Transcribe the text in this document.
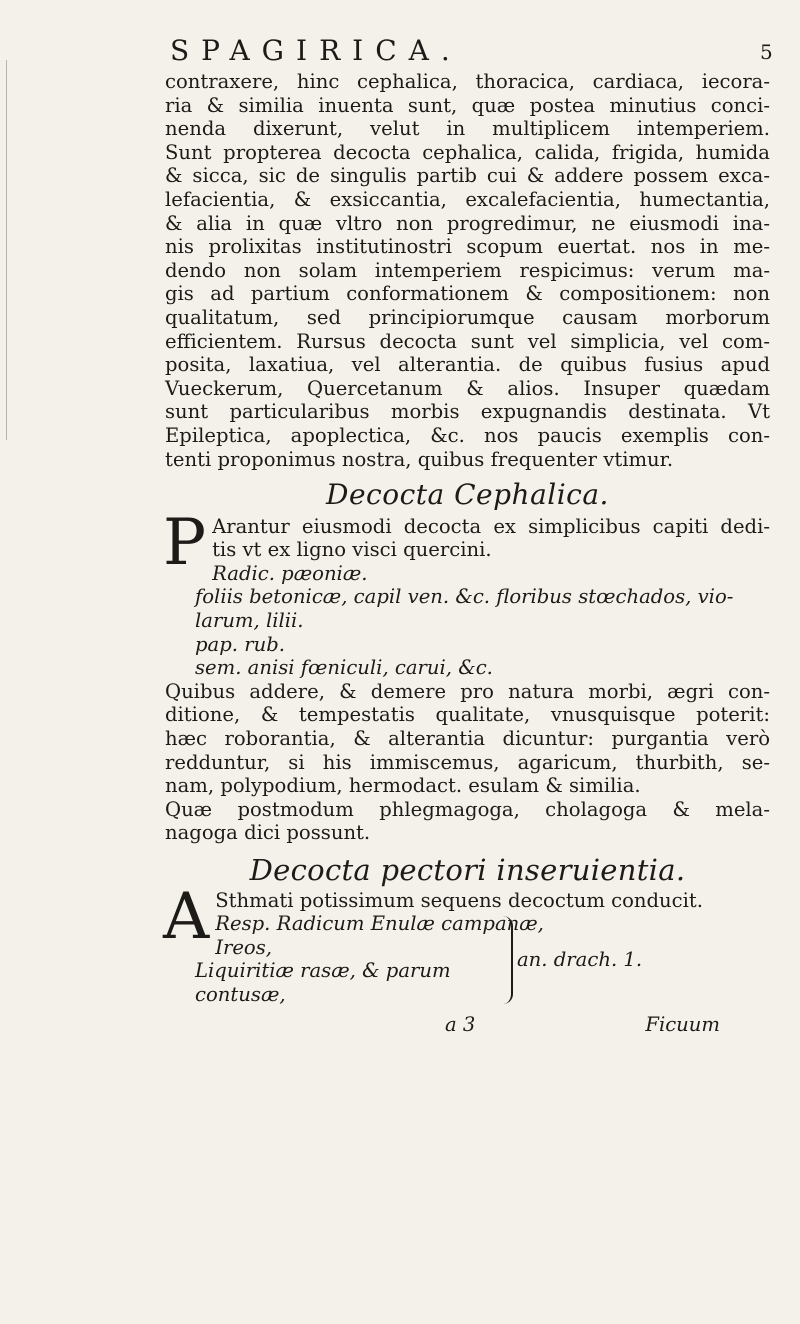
SPAGIRICA.	5
contraxere, hinc cephalica, thoracica, cardiaca, iecora-
ria & similia inuenta sunt, quæ postea minutius conci-
nenda dixerunt, velut in multiplicem intemperiem.
Sunt propterea decocta cephalica, calida, frigida, humida
& sicca, sic de singulis partib cui & addere possem exca-
lefacientia, & exsiccantia, excalefacientia, humectantia,
& alia in quæ vltro non progredimur, ne eiusmodi ina-
nis prolixitas institutinostri scopum euertat. nos in me-
dendo non solam intemperiem respicimus: verum ma-
gis ad partium conformationem & compositionem: non
qualitatum, sed principiorumque causam morborum
efficientem. Rursus decocta sunt vel simplicia, vel com-
posita, laxatiua, vel alterantia. de quibus fusius apud
Vueckerum, Quercetanum & alios. Insuper quædam
sunt particularibus morbis expugnandis destinata. Vt
Epileptica, apoplectica, &c. nos paucis exemplis con-
tenti proponimus nostra, quibus frequenter vtimur.
Decocta Cephalica.
P Arantur eiusmodi decocta ex simplicibus capiti dedi-
tis vt ex ligno visci quercini.
Radic. pæoniæ.
foliis betonicæ, capil ven. &c. floribus stœchados, vio-
larum, lilii.
pap. rub.
sem. anisi fœniculi, carui, &c.
Quibus addere, & demere pro natura morbi, ægri con-
ditione, & tempestatis qualitate, vnusquisque poterit:
hæc roborantia, & alterantia dicuntur: purgantia verò
redduntur, si his immiscemus, agaricum, thurbith, se-
nam, polypodium, hermodact. esulam & similia.
Quæ postmodum phlegmagoga, cholagoga & mela-
nagoga dici possunt.
Decocta pectori inseruientia.
A Sthmati potissimum sequens decoctum conducit.
Resp. Radicum Enulæ campanæ,
Ireos,
Liquiritiæ rasæ, & parum
contusæ,
an. drach. 1.
a 3	Ficuum
